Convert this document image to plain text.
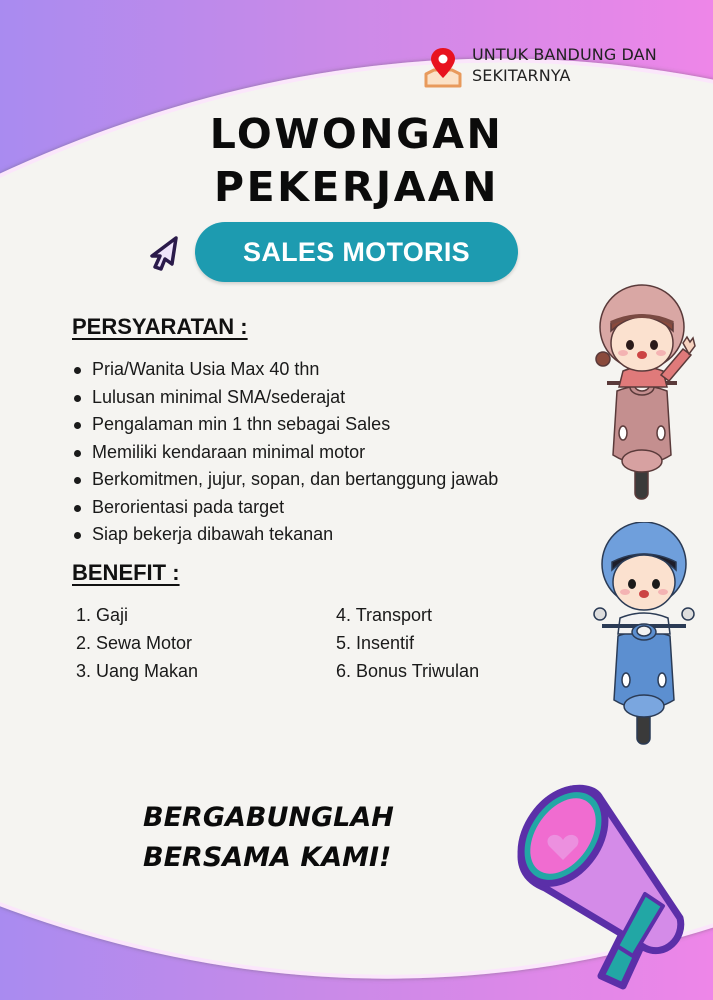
UNTUK BANDUNG DAN
SEKITARNYA
LOWONGAN
PEKERJAAN
SALES MOTORIS
PERSYARATAN :
Pria/Wanita Usia Max 40 thn
Lulusan minimal SMA/sederajat
Pengalaman min 1 thn sebagai Sales
Memiliki kendaraan minimal motor
Berkomitmen, jujur, sopan, dan bertanggung jawab
Berorientasi pada target
Siap bekerja dibawah tekanan
BENEFIT :
1. Gaji
2. Sewa Motor
3. Uang Makan
4. Transport
5. Insentif
6. Bonus Triwulan
BERGABUNGLAH
BERSAMA KAMI!
